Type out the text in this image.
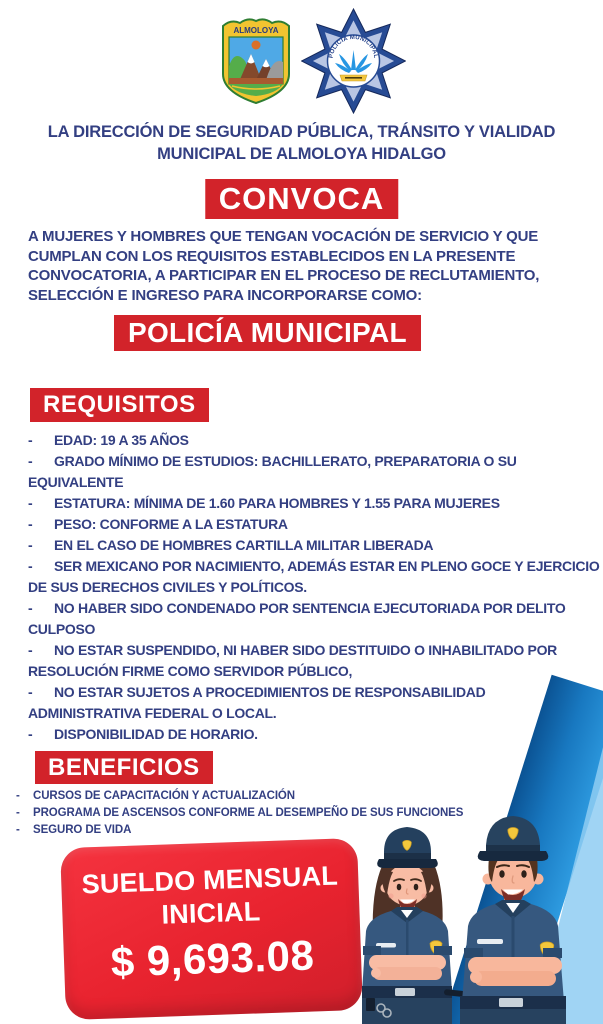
ALMOLOYA
POLICÍA MUNICIPAL
LA DIRECCIÓN DE SEGURIDAD PÚBLICA, TRÁNSITO Y VIALIDAD MUNICIPAL DE ALMOLOYA HIDALGO
CONVOCA
A MUJERES Y HOMBRES QUE TENGAN VOCACIÓN DE SERVICIO Y QUE CUMPLAN CON LOS REQUISITOS ESTABLECIDOS EN LA PRESENTE CONVOCATORIA, A PARTICIPAR EN EL PROCESO DE RECLUTAMIENTO, SELECCIÓN E INGRESO PARA INCORPORARSE COMO:
POLICÍA MUNICIPAL
REQUISITOS
- EDAD: 19 A 35 AÑOS
- GRADO MÍNIMO DE ESTUDIOS: BACHILLERATO, PREPARATORIA O SU EQUIVALENTE
- ESTATURA: MÍNIMA DE 1.60 PARA HOMBRES Y 1.55 PARA MUJERES
- PESO: CONFORME A LA ESTATURA
- EN EL CASO DE HOMBRES CARTILLA MILITAR LIBERADA
- SER MEXICANO POR NACIMIENTO, ADEMÁS ESTAR EN PLENO GOCE Y EJERCICIO DE SUS DERECHOS CIVILES Y POLÍTICOS.
- NO HABER SIDO CONDENADO POR SENTENCIA EJECUTORIADA POR DELITO CULPOSO
- NO ESTAR SUSPENDIDO, NI HABER SIDO DESTITUIDO O INHABILITADO POR RESOLUCIÓN FIRME COMO SERVIDOR PÚBLICO,
- NO ESTAR SUJETOS A PROCEDIMIENTOS DE RESPONSABILIDAD ADMINISTRATIVA FEDERAL O LOCAL.
- DISPONIBILIDAD DE HORARIO.
BENEFICIOS
- CURSOS DE CAPACITACIÓN Y ACTUALIZACIÓN
- PROGRAMA DE ASCENSOS CONFORME AL DESEMPEÑO DE SUS FUNCIONES
- SEGURO DE VIDA
SUELDO MENSUAL
INICIAL
$ 9,693.08
